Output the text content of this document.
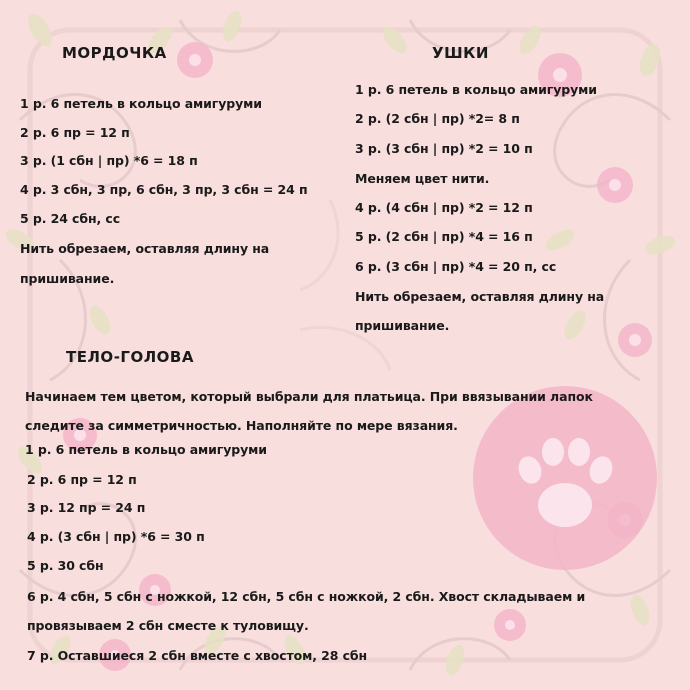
МОРДОЧКА

1 р. 6 петель в кольцо амигуруми

2 р. 6 пр = 12 п

3 р. (1 сбн | пр) *6 = 18 п

4 р. 3 сбн, 3 пр, 6 сбн, 3 пр, 3 сбн = 24 п

5 р. 24 сбн, сс

Нить обрезаем, оставляя длину на

пришивание.

УШКИ

1 р. 6 петель в кольцо амигуруми

2 р. (2 сбн | пр) *2= 8 п

3 р. (3 сбн | пр) *2 = 10 п

Меняем цвет нити.

4 р. (4 сбн | пр) *2 = 12 п

5 р. (2 сбн | пр) *4 = 16 п

6 р. (3 сбн | пр) *4 = 20 п, сс

Нить обрезаем, оставляя длину на

пришивание.

ТЕЛО-ГОЛОВА

Начинаем тем цветом, который выбрали для платьица. При ввязывании лапок

следите за симметричностью. Наполняйте по мере вязания.

1 р. 6 петель в кольцо амигуруми

2 р. 6 пр = 12 п

3 р. 12 пр = 24 п

4 р. (3 сбн | пр) *6 = 30 п

5 р. 30 сбн

6 р. 4 сбн, 5 сбн с ножкой, 12 сбн, 5 сбн с ножкой, 2 сбн. Хвост складываем и

провязываем 2 сбн сместе к туловищу.

7 р. Оставшиеся 2 сбн вместе с хвостом, 28 сбн
